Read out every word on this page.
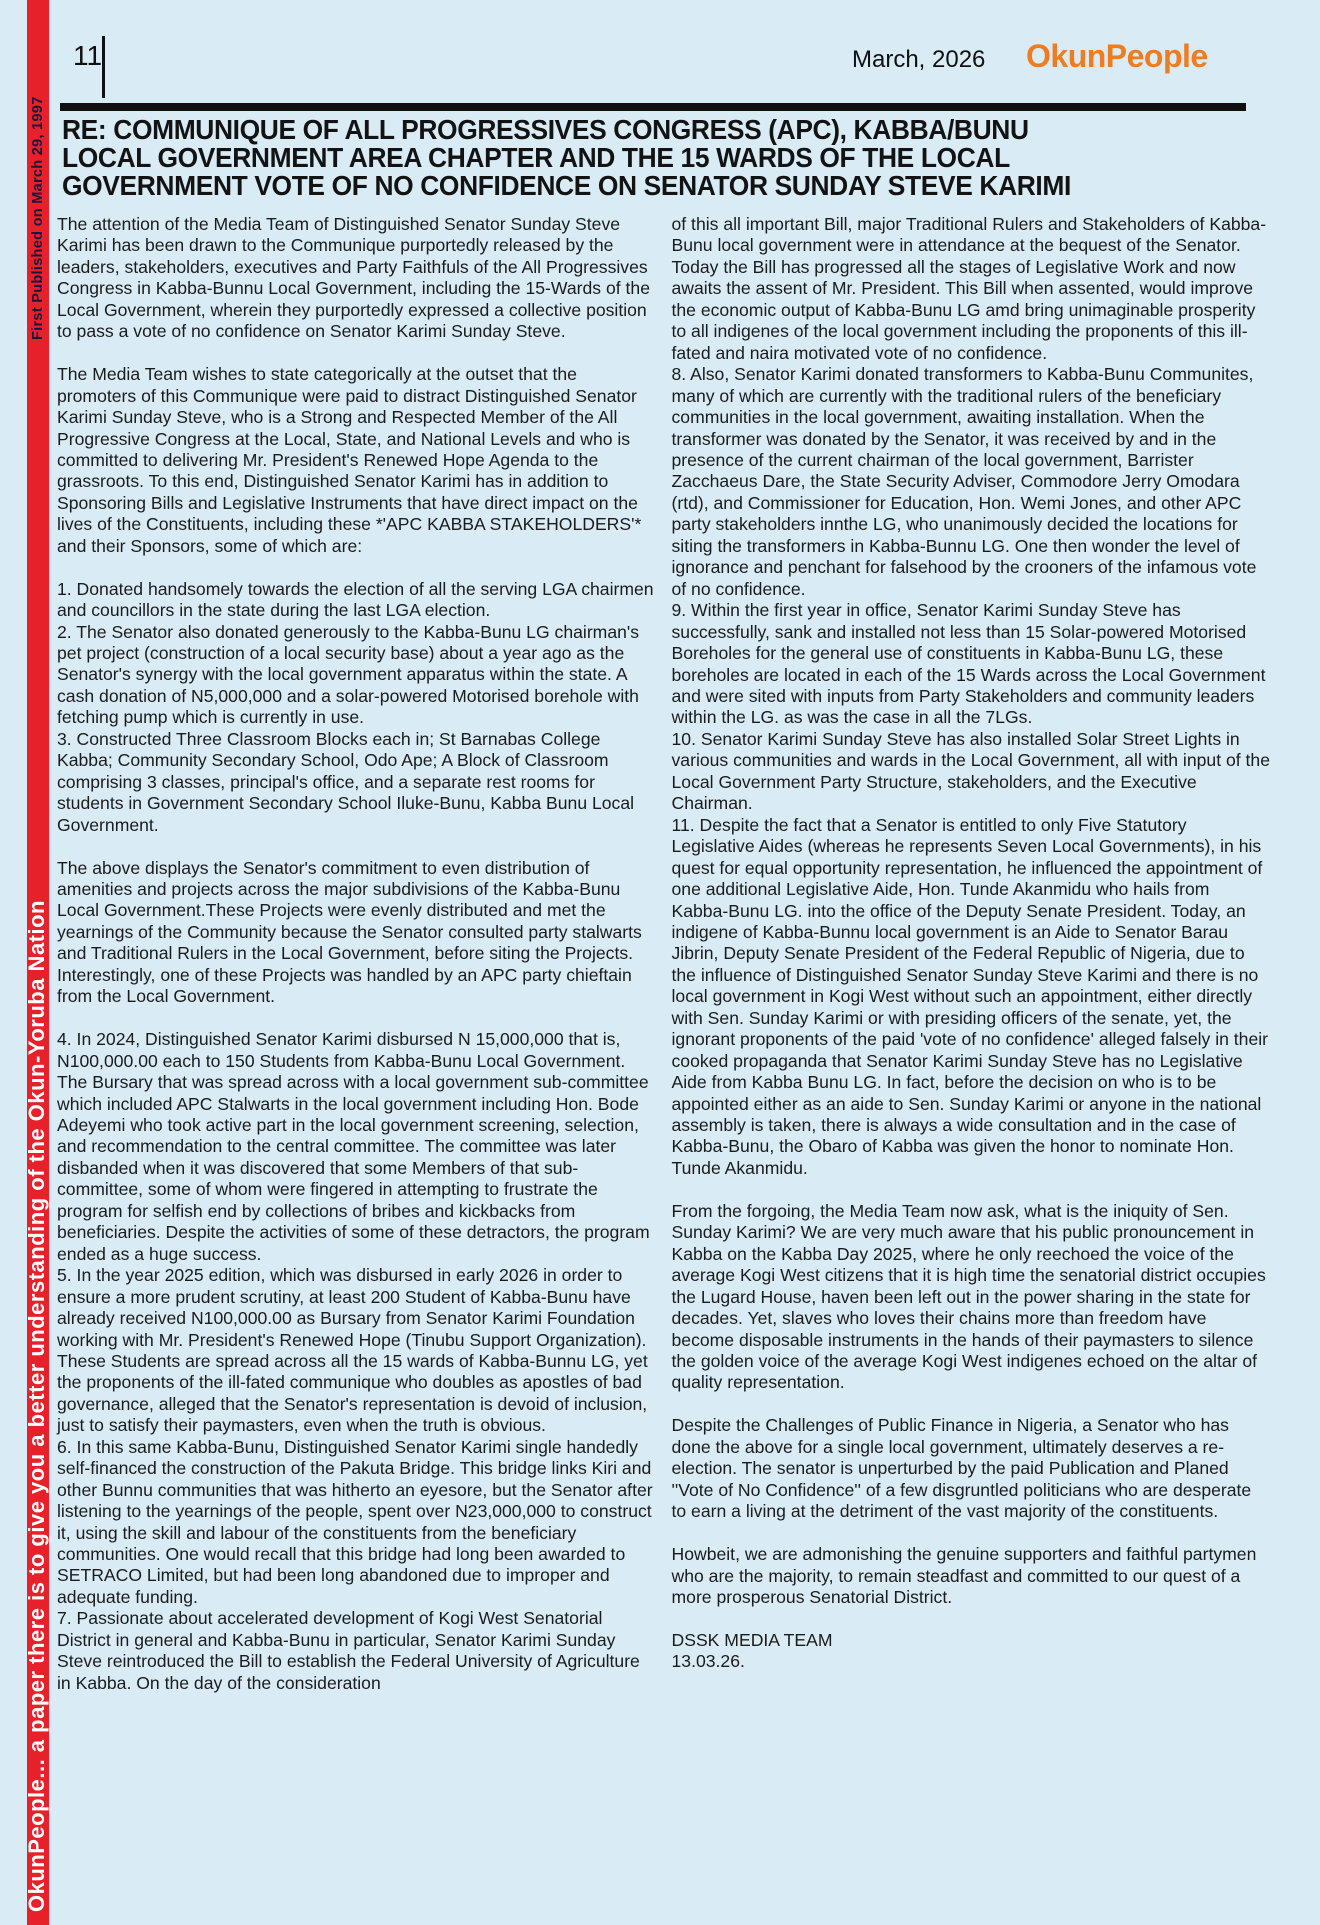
First Published on March 29, 1997
OkunPeople... a paper there is to give you a better understanding of the Okun-Yoruba Nation
11	March, 2026 OkunPeople
RE: COMMUNIQUE OF ALL PROGRESSIVES CONGRESS (APC), KABBA/BUNU
LOCAL GOVERNMENT AREA CHAPTER AND THE 15 WARDS OF THE LOCAL
GOVERNMENT VOTE OF NO CONFIDENCE ON SENATOR SUNDAY STEVE KARIMI

The attention of the Media Team of Distinguished Senator Sunday Steve Karimi has been drawn to the Communique purportedly released by the leaders, stakeholders, executives and Party Faithfuls of the All Progressives Congress in Kabba-Bunnu Local Government, including the 15-Wards of the Local Government, wherein they purportedly expressed a collective position to pass a vote of no confidence on Senator Karimi Sunday Steve.

The Media Team wishes to state categorically at the outset that the promoters of this Communique were paid to distract Distinguished Senator Karimi Sunday Steve, who is a Strong and Respected Member of the All Progressive Congress at the Local, State, and National Levels and who is committed to delivering Mr. President's Renewed Hope Agenda to the grassroots. To this end, Distinguished Senator Karimi has in addition to Sponsoring Bills and Legislative Instruments that have direct impact on the lives of the Constituents, including these *'APC KABBA STAKEHOLDERS'* and their Sponsors, some of which are:

1. Donated handsomely towards the election of all the serving LGA chairmen and councillors in the state during the last LGA election.

2. The Senator also donated generously to the Kabba-Bunu LG chairman's pet project (construction of a local security base) about a year ago as the Senator's synergy with the local government apparatus within the state. A cash donation of N5,000,000 and a solar-powered Motorised borehole with fetching pump which is currently in use.

3. Constructed Three Classroom Blocks each in; St Barnabas College Kabba; Community Secondary School, Odo Ape; A Block of Classroom comprising 3 classes, principal's office, and a separate rest rooms for students in Government Secondary School Iluke-Bunu, Kabba Bunu Local Government.

The above displays the Senator's commitment to even distribution of amenities and projects across the major subdivisions of the Kabba-Bunu Local Government.These Projects were evenly distributed and met the yearnings of the Community because the Senator consulted party stalwarts and Traditional Rulers in the Local Government, before siting the Projects. Interestingly, one of these Projects was handled by an APC party chieftain from the Local Government.

4. In 2024, Distinguished Senator Karimi disbursed N 15,000,000 that is, N100,000.00 each to 150 Students from Kabba-Bunu Local Government. The Bursary that was spread across with a local government sub-committee which included APC Stalwarts in the local government including Hon. Bode Adeyemi who took active part in the local government screening, selection, and recommendation to the central committee. The committee was later disbanded when it was discovered that some Members of that sub-committee, some of whom were fingered in attempting to frustrate the program for selfish end by collections of bribes and kickbacks from beneficiaries. Despite the activities of some of these detractors, the program ended as a huge success.

5. In the year 2025 edition, which was disbursed in early 2026 in order to ensure a more prudent scrutiny, at least 200 Student of Kabba-Bunu have already received N100,000.00 as Bursary from Senator Karimi Foundation working with Mr. President's Renewed Hope (Tinubu Support Organization). These Students are spread across all the 15 wards of Kabba-Bunnu LG, yet the proponents of the ill-fated communique who doubles as apostles of bad governance, alleged that the Senator's representation is devoid of inclusion, just to satisfy their paymasters, even when the truth is obvious.

6. In this same Kabba-Bunu, Distinguished Senator Karimi single handedly self-financed the construction of the Pakuta Bridge. This bridge links Kiri and other Bunnu communities that was hitherto an eyesore, but the Senator after listening to the yearnings of the people, spent over N23,000,000 to construct it, using the skill and labour of the constituents from the beneficiary communities. One would recall that this bridge had long been awarded to SETRACO Limited, but had been long abandoned due to improper and adequate funding.

7. Passionate about accelerated development of Kogi West Senatorial District in general and Kabba-Bunu in particular, Senator Karimi Sunday Steve reintroduced the Bill to establish the Federal University of Agriculture in Kabba. On the day of the consideration

of this all important Bill, major Traditional Rulers and Stakeholders of Kabba-Bunu local government were in attendance at the bequest of the Senator. Today the Bill has progressed all the stages of Legislative Work and now awaits the assent of Mr. President. This Bill when assented, would improve the economic output of Kabba-Bunu LG amd bring unimaginable prosperity to all indigenes of the local government including the proponents of this ill-fated and naira motivated vote of no confidence.

8. Also, Senator Karimi donated transformers to Kabba-Bunu Communites, many of which are currently with the traditional rulers of the beneficiary communities in the local government, awaiting installation. When the transformer was donated by the Senator, it was received by and in the presence of the current chairman of the local government, Barrister Zacchaeus Dare, the State Security Adviser, Commodore Jerry Omodara (rtd), and Commissioner for Education, Hon. Wemi Jones, and other APC party stakeholders innthe LG, who unanimously decided the locations for siting the transformers in Kabba-Bunnu LG. One then wonder the level of ignorance and penchant for falsehood by the crooners of the infamous vote of no confidence.

9. Within the first year in office, Senator Karimi Sunday Steve has successfully, sank and installed not less than 15 Solar-powered Motorised Boreholes for the general use of constituents in Kabba-Bunu LG, these boreholes are located in each of the 15 Wards across the Local Government and were sited with inputs from Party Stakeholders and community leaders within the LG. as was the case in all the 7LGs.

10. Senator Karimi Sunday Steve has also installed Solar Street Lights in various communities and wards in the Local Government, all with input of the Local Government Party Structure, stakeholders, and the Executive Chairman.

11. Despite the fact that a Senator is entitled to only Five Statutory Legislative Aides (whereas he represents Seven Local Governments), in his quest for equal opportunity representation, he influenced the appointment of one additional Legislative Aide, Hon. Tunde Akanmidu who hails from Kabba-Bunu LG. into the office of the Deputy Senate President. Today, an indigene of Kabba-Bunnu local government is an Aide to Senator Barau Jibrin, Deputy Senate President of the Federal Republic of Nigeria, due to the influence of Distinguished Senator Sunday Steve Karimi and there is no local government in Kogi West without such an appointment, either directly with Sen. Sunday Karimi or with presiding officers of the senate, yet, the ignorant proponents of the paid 'vote of no confidence' alleged falsely in their cooked propaganda that Senator Karimi Sunday Steve has no Legislative Aide from Kabba Bunu LG. In fact, before the decision on who is to be appointed either as an aide to Sen. Sunday Karimi or anyone in the national assembly is taken, there is always a wide consultation and in the case of Kabba-Bunu, the Obaro of Kabba was given the honor to nominate Hon. Tunde Akanmidu.

From the forgoing, the Media Team now ask, what is the iniquity of Sen. Sunday Karimi? We are very much aware that his public pronouncement in Kabba on the Kabba Day 2025, where he only reechoed the voice of the average Kogi West citizens that it is high time the senatorial district occupies the Lugard House, haven been left out in the power sharing in the state for decades. Yet, slaves who loves their chains more than freedom have become disposable instruments in the hands of their paymasters to silence the golden voice of the average Kogi West indigenes echoed on the altar of quality representation.

Despite the Challenges of Public Finance in Nigeria, a Senator who has done the above for a single local government, ultimately deserves a re-election. The senator is unperturbed by the paid Publication and Planed ''Vote of No Confidence'' of a few disgruntled politicians who are desperate to earn a living at the detriment of the vast majority of the constituents.

Howbeit, we are admonishing the genuine supporters and faithful partymen who are the majority, to remain steadfast and committed to our quest of a more prosperous Senatorial District.

DSSK MEDIA TEAM

13.03.26.
